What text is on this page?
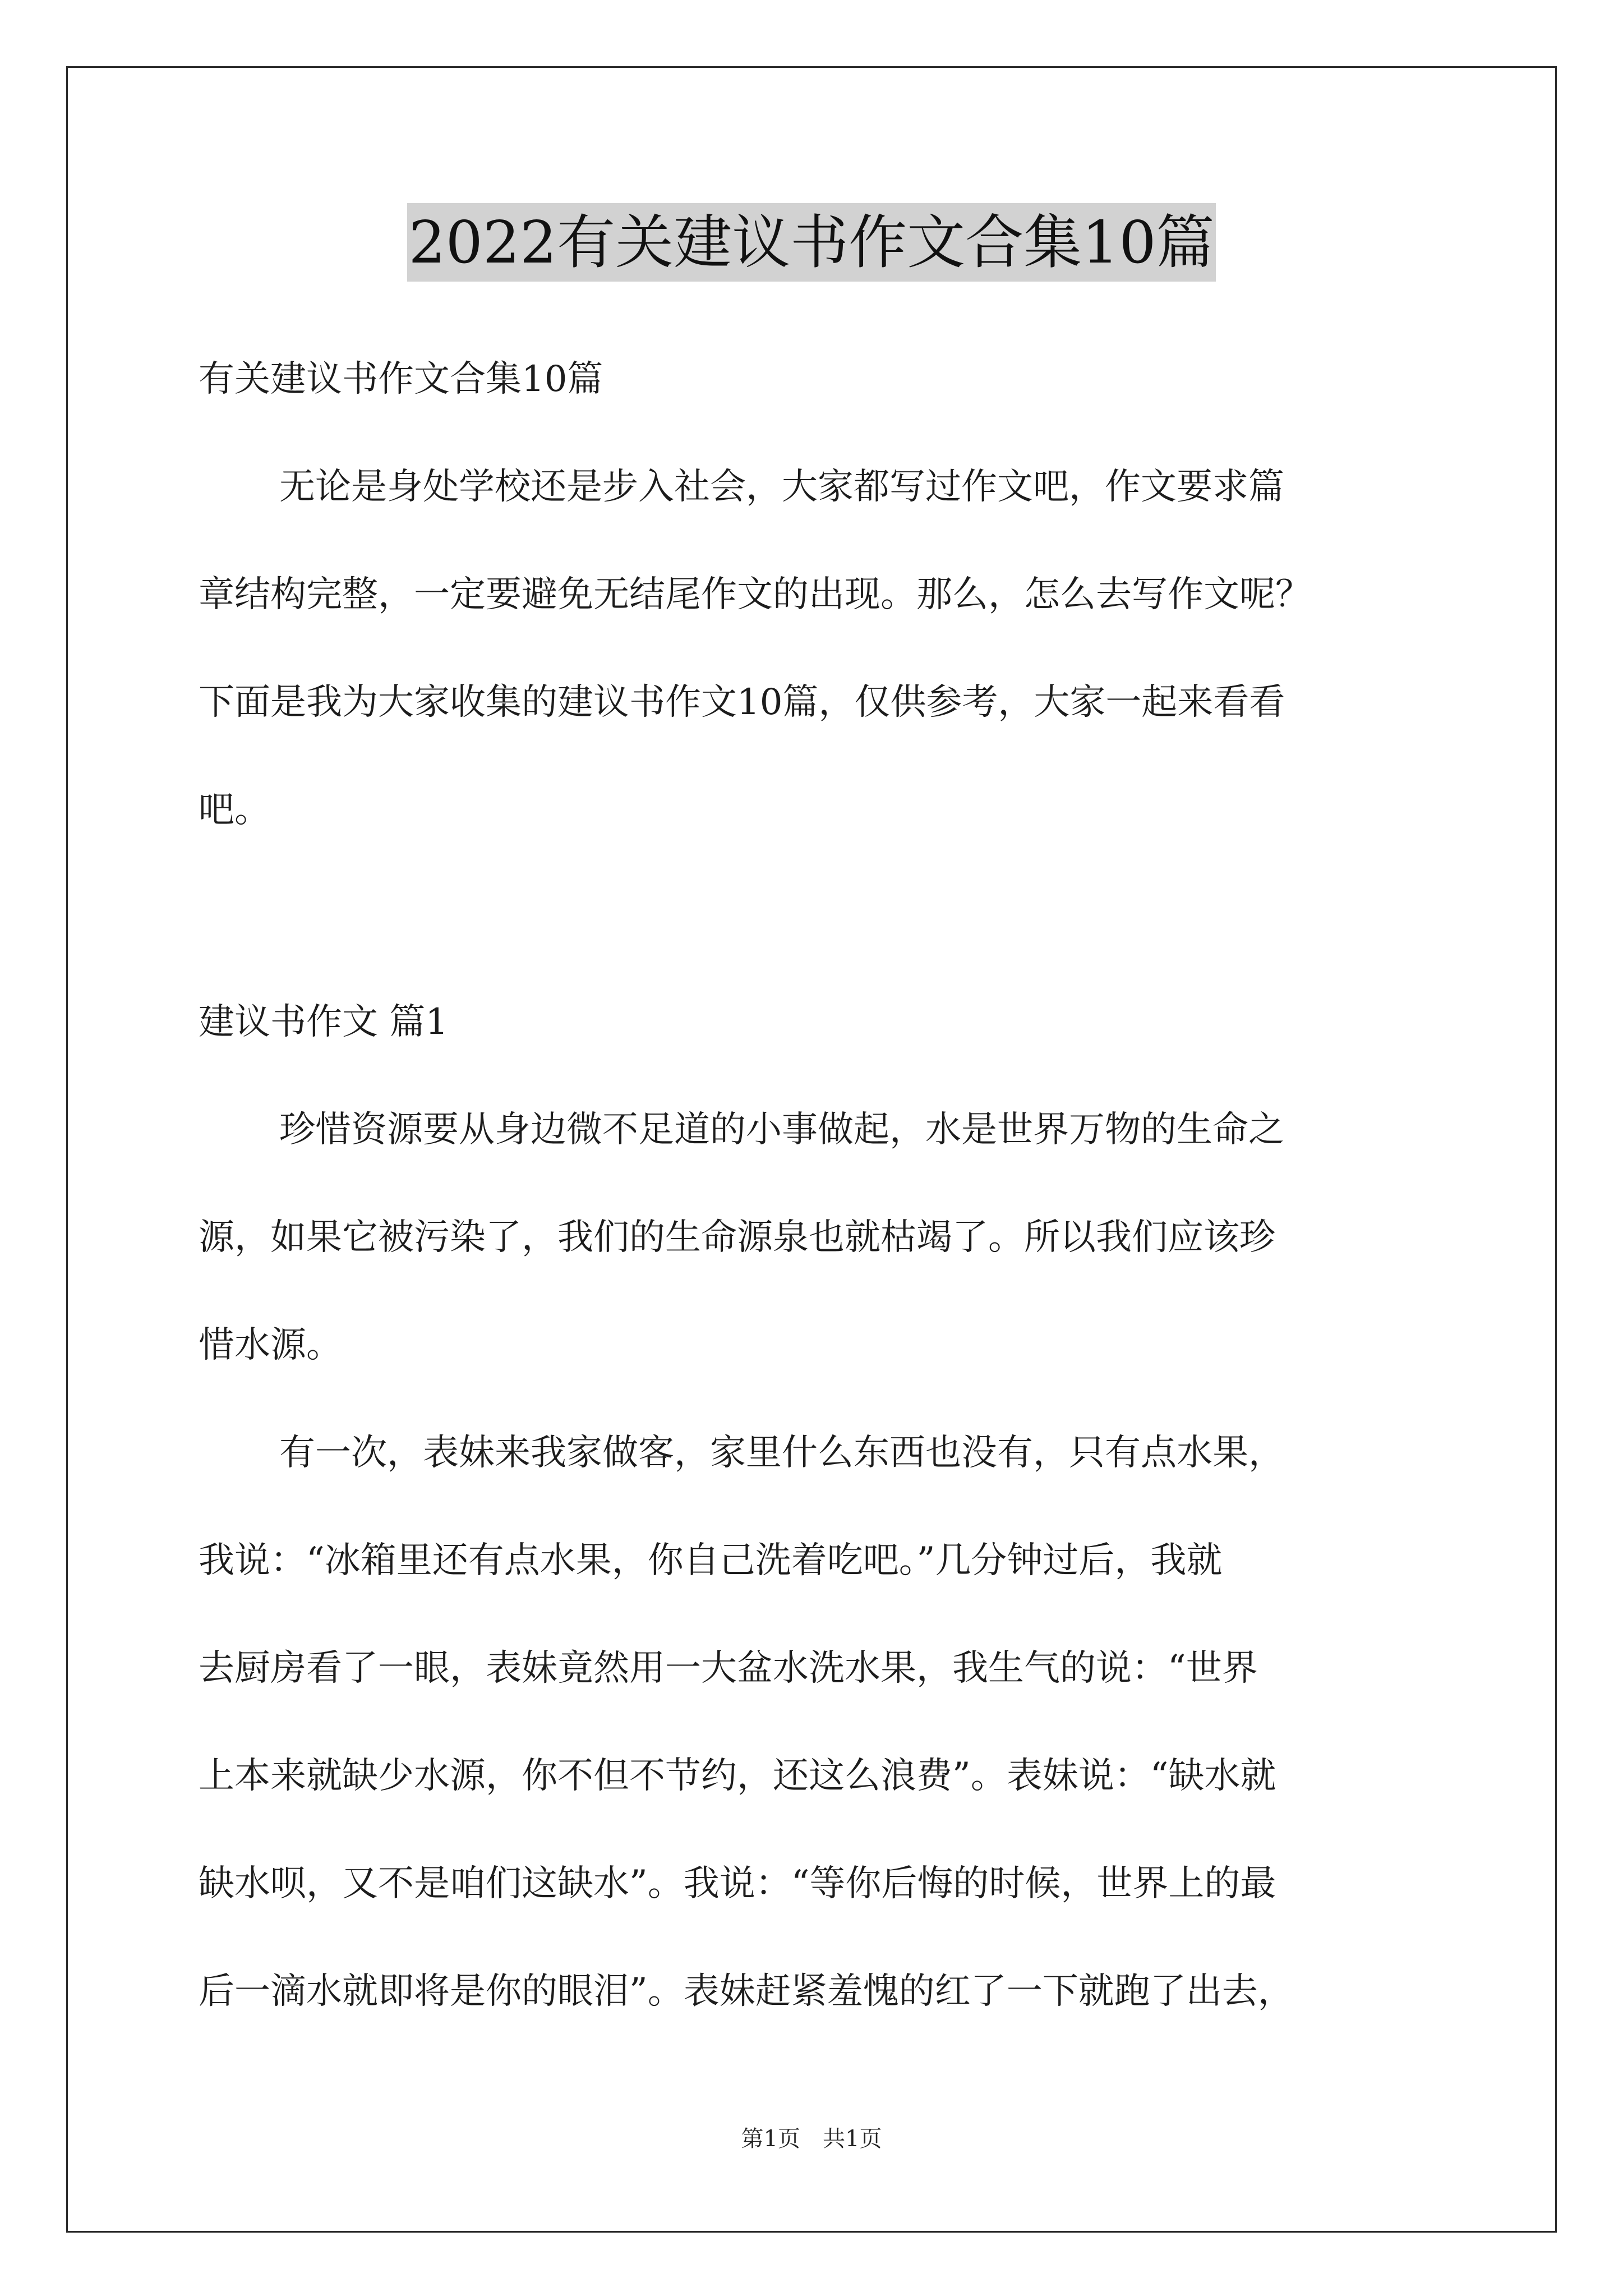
2022有关建议书作文合集10篇
有关建议书作文合集10篇
无论是身处学校还是步入社会，大家都写过作文吧，作文要求篇
章结构完整，一定要避免无结尾作文的出现。那么，怎么去写作文呢？
下面是我为大家收集的建议书作文10篇，仅供参考，大家一起来看看
吧。
建议书作文 篇1
珍惜资源要从身边微不足道的小事做起，水是世界万物的生命之
源，如果它被污染了，我们的生命源泉也就枯竭了。所以我们应该珍
惜水源。
有一次，表妹来我家做客，家里什么东西也没有，只有点水果，
我说：“冰箱里还有点水果，你自己洗着吃吧。”几分钟过后，我就
去厨房看了一眼，表妹竟然用一大盆水洗水果，我生气的说：“世界
上本来就缺少水源，你不但不节约，还这么浪费”。表妹说：“缺水就
缺水呗，又不是咱们这缺水”。我说：“等你后悔的时候，世界上的最
后一滴水就即将是你的眼泪”。表妹赶紧羞愧的红了一下就跑了出去，
第1页　共1页
